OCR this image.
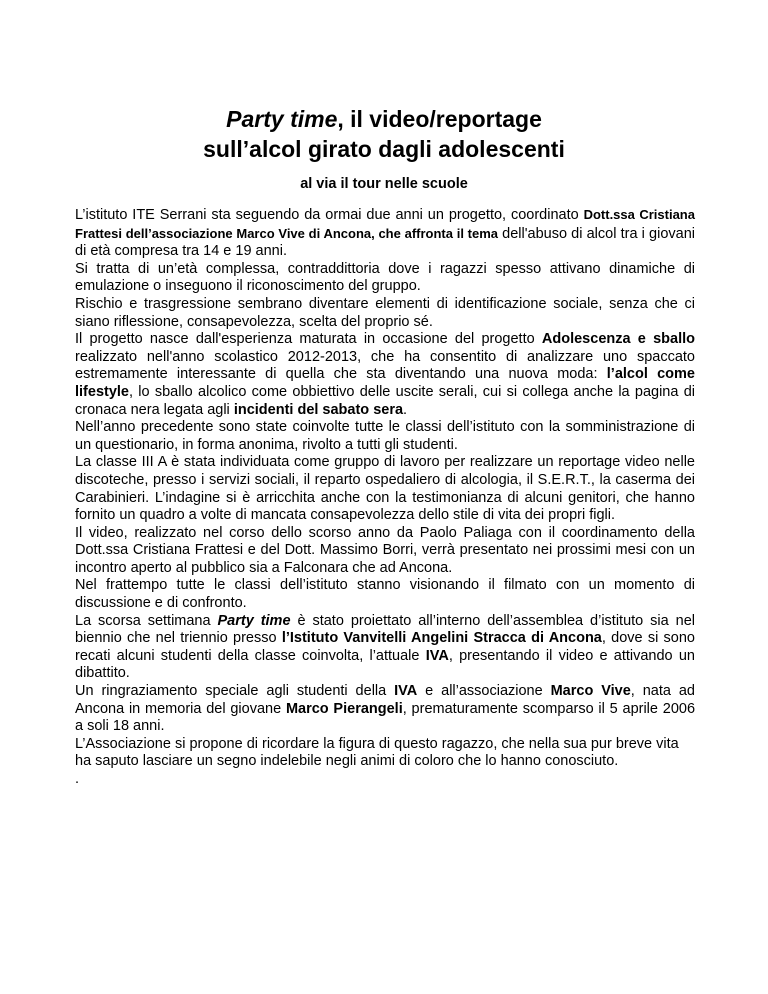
Party time, il video/reportage
sull’alcol girato dagli adolescenti
al via il tour nelle scuole

L’istituto ITE Serrani sta seguendo da ormai due anni un progetto, coordinato Dott.ssa Cristiana Frattesi dell’associazione Marco Vive di Ancona, che affronta il tema dell'abuso di alcol tra i giovani di età compresa tra 14 e 19 anni.

Si tratta di un’età complessa, contraddittoria dove i ragazzi spesso attivano dinamiche di emulazione o inseguono il riconoscimento del gruppo.

Rischio e trasgressione sembrano diventare elementi di identificazione sociale, senza che ci siano riflessione, consapevolezza, scelta del proprio sé.

Il progetto nasce dall'esperienza maturata in occasione del progetto Adolescenza e sballo realizzato nell'anno scolastico 2012-2013, che ha consentito di analizzare uno spaccato estremamente interessante di quella che sta diventando una nuova moda: l’alcol come lifestyle, lo sballo alcolico come obbiettivo delle uscite serali, cui si collega anche la pagina di cronaca nera legata agli incidenti del sabato sera.

Nell’anno precedente sono state coinvolte tutte le classi dell’istituto con la somministrazione di un questionario, in forma anonima, rivolto a tutti gli studenti.

La classe III A è stata individuata come gruppo di lavoro per realizzare un reportage video nelle discoteche, presso i servizi sociali, il reparto ospedaliero di alcologia, il S.E.R.T., la caserma dei Carabinieri. L’indagine si è arricchita anche con la testimonianza di alcuni genitori, che hanno fornito un quadro a volte di mancata consapevolezza dello stile di vita dei propri figli.

Il video, realizzato nel corso dello scorso anno da Paolo Paliaga con il coordinamento della Dott.ssa Cristiana Frattesi e del Dott. Massimo Borri, verrà presentato nei prossimi mesi con un incontro aperto al pubblico sia a Falconara che ad Ancona.

Nel frattempo tutte le classi dell’istituto stanno visionando il filmato con un momento di discussione e di confronto.

La scorsa settimana Party time è stato proiettato all’interno dell’assemblea d’istituto sia nel biennio che nel triennio presso l’Istituto Vanvitelli Angelini Stracca di Ancona, dove si sono recati alcuni studenti della classe coinvolta, l’attuale IVA, presentando il video e attivando un dibattito.

Un ringraziamento speciale agli studenti della IVA e all’associazione Marco Vive, nata ad Ancona in memoria del giovane Marco Pierangeli, prematuramente scomparso il 5 aprile 2006 a soli 18 anni.

L’Associazione si propone di ricordare la figura di questo ragazzo, che nella sua pur breve vita ha saputo lasciare un segno indelebile negli animi di coloro che lo hanno conosciuto.

.
